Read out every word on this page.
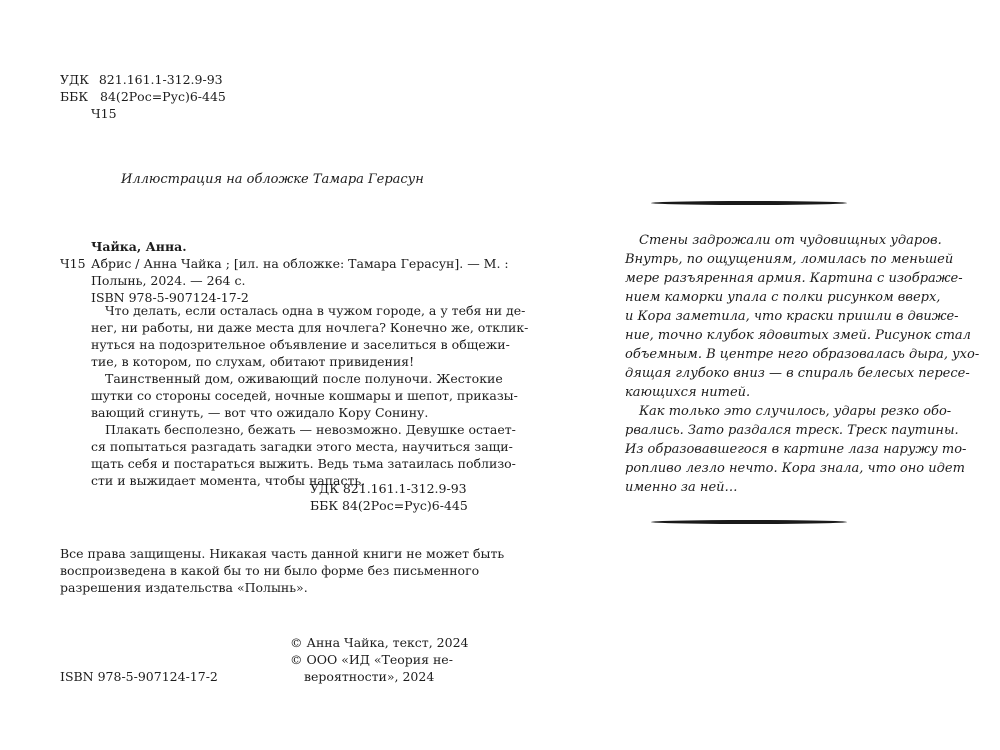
УДК 821.161.1-312.9-93
ББК 84(2Рос=Рус)6-445
Ч15
Иллюстрация на обложке Тамара Герасун
Чайка, Анна.
Ч15 Абрис / Анна Чайка ; [ил. на обложке: Тамара Герасун]. — М. :
Полынь, 2024. — 264 с.
ISBN 978-5-907124-17-2
Что делать, если осталась одна в чужом городе, а у тебя ни де-
нег, ни работы, ни даже места для ночлега? Конечно же, отклик-
нуться на подозрительное объявление и заселиться в общежи-
тие, в котором, по слухам, обитают привидения!
Таинственный дом, оживающий после полуночи. Жестокие
шутки со стороны соседей, ночные кошмары и шепот, приказы-
вающий сгинуть, — вот что ожидало Кору Сонину.
Плакать бесполезно, бежать — невозможно. Девушке остает-
ся попытаться разгадать загадки этого места, научиться защи-
щать себя и постараться выжить. Ведь тьма затаилась поблизо-
сти и выжидает момента, чтобы напасть.
УДК 821.161.1-312.9-93
ББК 84(2Рос=Рус)6-445
Все права защищены. Никакая часть данной книги не может быть
воспроизведена в какой бы то ни было форме без письменного
разрешения издательства «Полынь».
© Анна Чайка, текст, 2024
© ООО «ИД «Теория не-
вероятности», 2024
ISBN 978-5-907124-17-2
Стены задрожали от чудовищных ударов.
Внутрь, по ощущениям, ломилась по меньшей
мере разъяренная армия. Картина с изображе-
нием каморки упала с полки рисунком вверх,
и Кора заметила, что краски пришли в движе-
ние, точно клубок ядовитых змей. Рисунок стал
объемным. В центре него образовалась дыра, ухо-
дящая глубоко вниз — в спираль белесых пересе-
кающихся нитей.
Как только это случилось, удары резко обо-
рвались. Зато раздался треск. Треск паутины.
Из образовавшегося в картине лаза наружу то-
ропливо лезло нечто. Кора знала, что оно идет
именно за ней…
